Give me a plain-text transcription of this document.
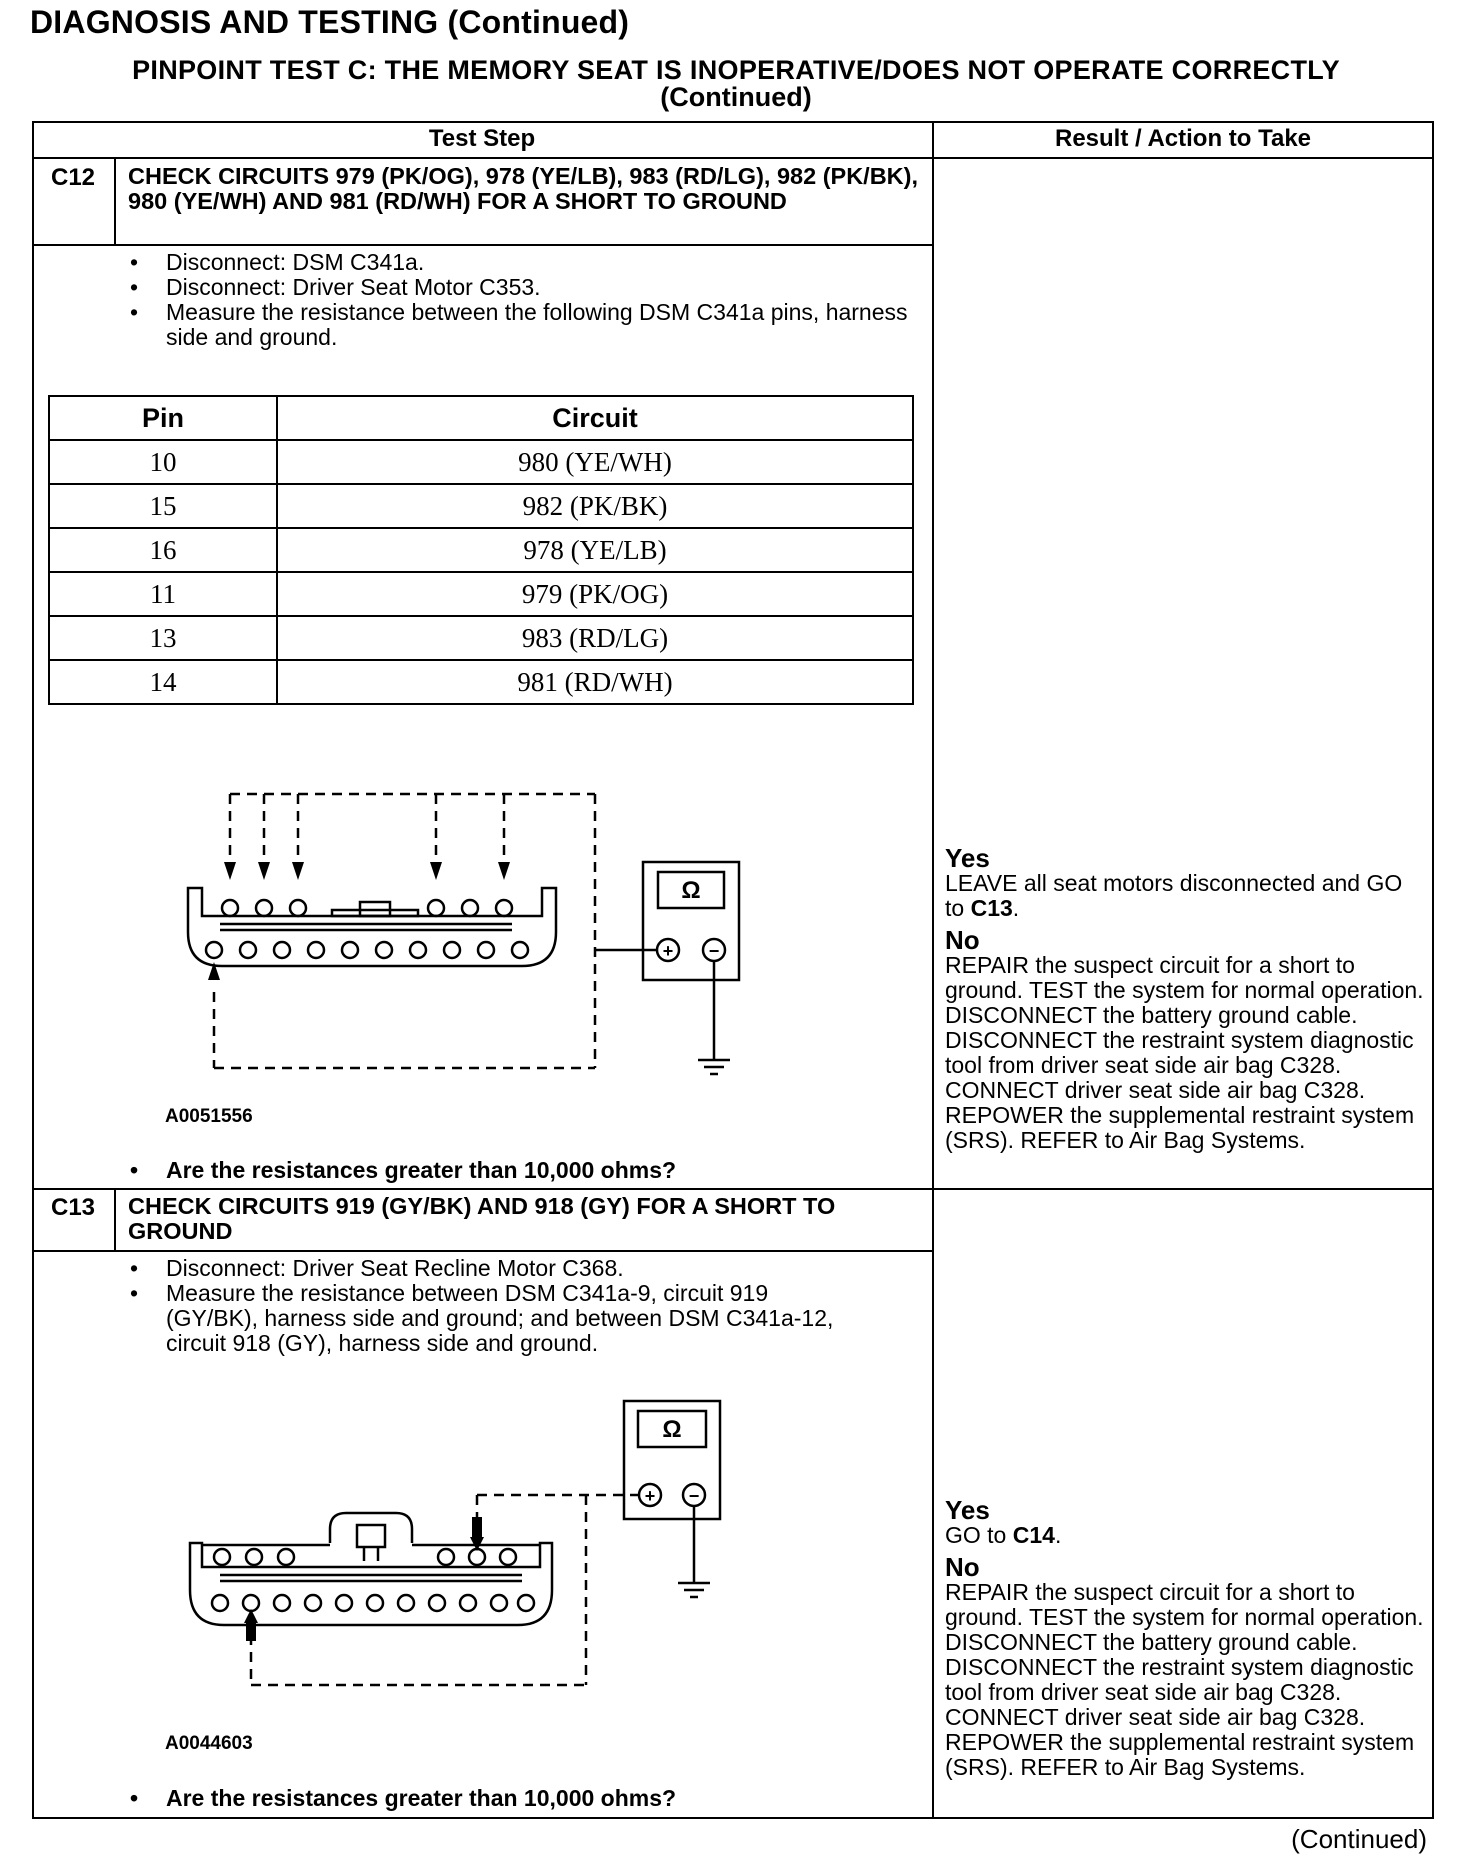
DIAGNOSIS AND TESTING (Continued)
PINPOINT TEST C: THE MEMORY SEAT IS INOPERATIVE/DOES NOT OPERATE CORRECTLY
(Continued)
Test Step	Result / Action to Take
C12	CHECK CIRCUITS 979 (PK/OG), 978 (YE/LB), 983 (RD/LG), 982 (PK/BK), 980 (YE/WH) AND 981 (RD/WH) FOR A SHORT TO GROUND
• Disconnect: DSM C341a.
• Disconnect: Driver Seat Motor C353.
• Measure the resistance between the following DSM C341a pins, harness side and ground.
Pin	Circuit
10	980 (YE/WH)
15	982 (PK/BK)
16	978 (YE/LB)
11	979 (PK/OG)
13	983 (RD/LG)
14	981 (RD/WH)
Ω
+ −
A0051556
• Are the resistances greater than 10,000 ohms?
Yes
LEAVE all seat motors disconnected and GO to C13.
No
REPAIR the suspect circuit for a short to ground. TEST the system for normal operation. DISCONNECT the battery ground cable. DISCONNECT the restraint system diagnostic tool from driver seat side air bag C328. CONNECT driver seat side air bag C328. REPOWER the supplemental restraint system (SRS). REFER to Air Bag Systems.
C13	CHECK CIRCUITS 919 (GY/BK) AND 918 (GY) FOR A SHORT TO GROUND
• Disconnect: Driver Seat Recline Motor C368.
• Measure the resistance between DSM C341a-9, circuit 919 (GY/BK), harness side and ground; and between DSM C341a-12, circuit 918 (GY), harness side and ground.
Ω
+ −
A0044603
• Are the resistances greater than 10,000 ohms?
Yes
GO to C14.
No
REPAIR the suspect circuit for a short to ground. TEST the system for normal operation. DISCONNECT the battery ground cable. DISCONNECT the restraint system diagnostic tool from driver seat side air bag C328. CONNECT driver seat side air bag C328. REPOWER the supplemental restraint system (SRS). REFER to Air Bag Systems.
(Continued)
